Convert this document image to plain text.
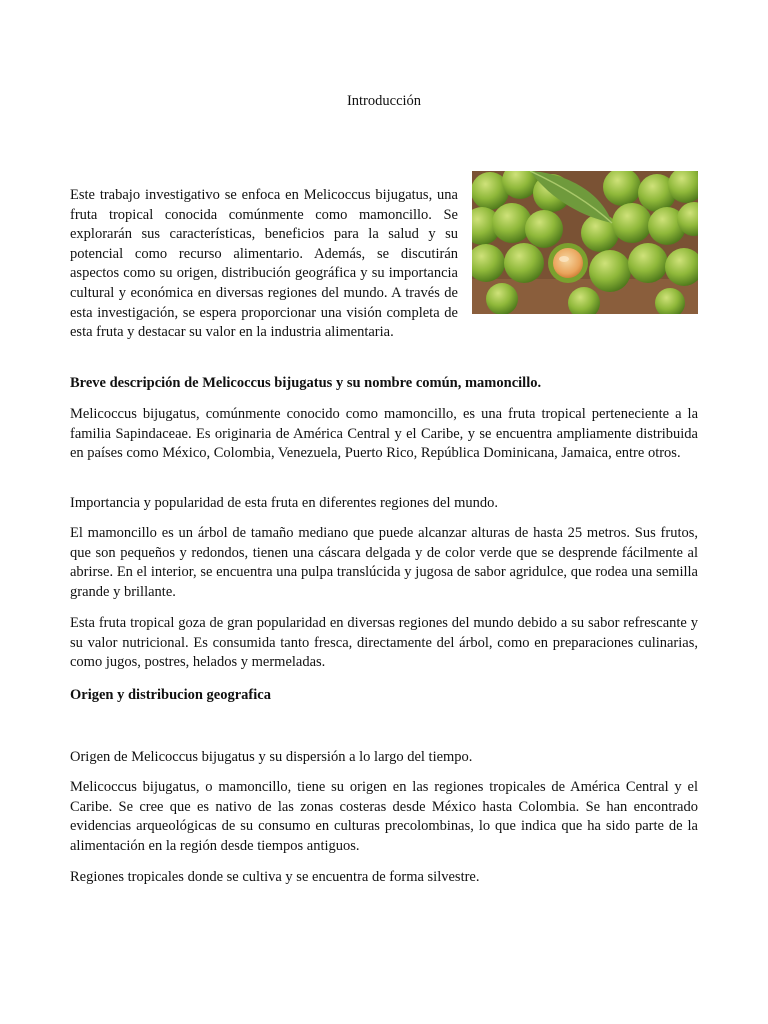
Introducción

Este trabajo investigativo se enfoca en Melicoccus bijugatus, una fruta tropical conocida comúnmente como mamoncillo. Se explorarán sus características, beneficios para la salud y su potencial como recurso alimentario. Además, se discutirán aspectos como su origen, distribución geográfica y su importancia cultural y económica en diversas regiones del mundo. A través de esta investigación, se espera proporcionar una visión completa de esta fruta y destacar su valor en la industria alimentaria.

Breve descripción de Melicoccus bijugatus y su nombre común, mamoncillo.

Melicoccus bijugatus, comúnmente conocido como mamoncillo, es una fruta tropical perteneciente a la familia Sapindaceae. Es originaria de América Central y el Caribe, y se encuentra ampliamente distribuida en países como México, Colombia, Venezuela, Puerto Rico, República Dominicana, Jamaica, entre otros.

Importancia y popularidad de esta fruta en diferentes regiones del mundo.

El mamoncillo es un árbol de tamaño mediano que puede alcanzar alturas de hasta 25 metros. Sus frutos, que son pequeños y redondos, tienen una cáscara delgada y de color verde que se desprende fácilmente al abrirse. En el interior, se encuentra una pulpa translúcida y jugosa de sabor agridulce, que rodea una semilla grande y brillante.

Esta fruta tropical goza de gran popularidad en diversas regiones del mundo debido a su sabor refrescante y su valor nutricional. Es consumida tanto fresca, directamente del árbol, como en preparaciones culinarias, como jugos, postres, helados y mermeladas.

Origen y distribucion geografica

Origen de Melicoccus bijugatus y su dispersión a lo largo del tiempo.

Melicoccus bijugatus, o mamoncillo, tiene su origen en las regiones tropicales de América Central y el Caribe. Se cree que es nativo de las zonas costeras desde México hasta Colombia. Se han encontrado evidencias arqueológicas de su consumo en culturas precolombinas, lo que indica que ha sido parte de la alimentación en la región desde tiempos antiguos.

Regiones tropicales donde se cultiva y se encuentra de forma silvestre.
